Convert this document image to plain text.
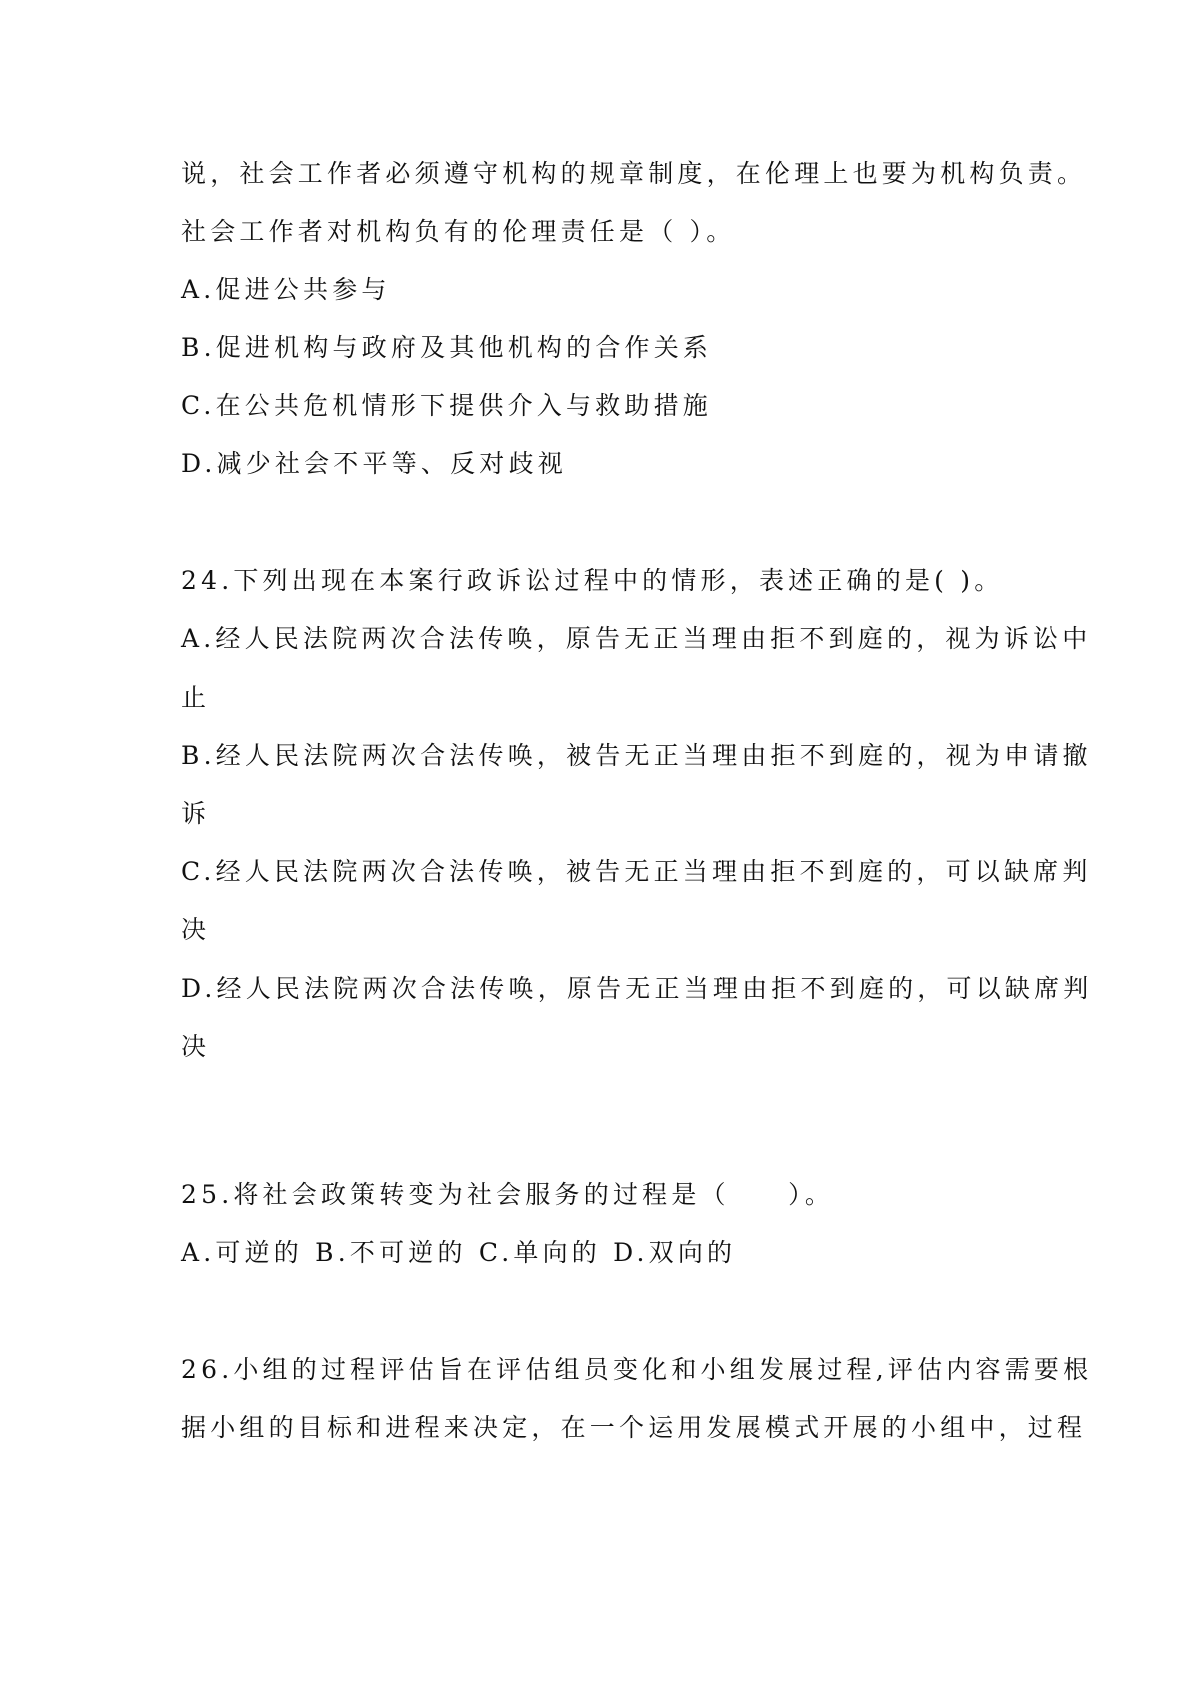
说，社会工作者必须遵守机构的规章制度，在伦理上也要为机构负责。
社会工作者对机构负有的伦理责任是（ ）。
A.促进公共参与
B.促进机构与政府及其他机构的合作关系
C.在公共危机情形下提供介入与救助措施
D.减少社会不平等、反对歧视
24.下列出现在本案行政诉讼过程中的情形，表述正确的是( )。
A.经人民法院两次合法传唤，原告无正当理由拒不到庭的，视为诉讼中
止
B.经人民法院两次合法传唤，被告无正当理由拒不到庭的，视为申请撤
诉
C.经人民法院两次合法传唤，被告无正当理由拒不到庭的，可以缺席判
决
D.经人民法院两次合法传唤，原告无正当理由拒不到庭的，可以缺席判
决
25.将社会政策转变为社会服务的过程是（　　）。
A.可逆的 B.不可逆的 C.单向的 D.双向的
26.小组的过程评估旨在评估组员变化和小组发展过程,评估内容需要根
据小组的目标和进程来决定，在一个运用发展模式开展的小组中，过程
